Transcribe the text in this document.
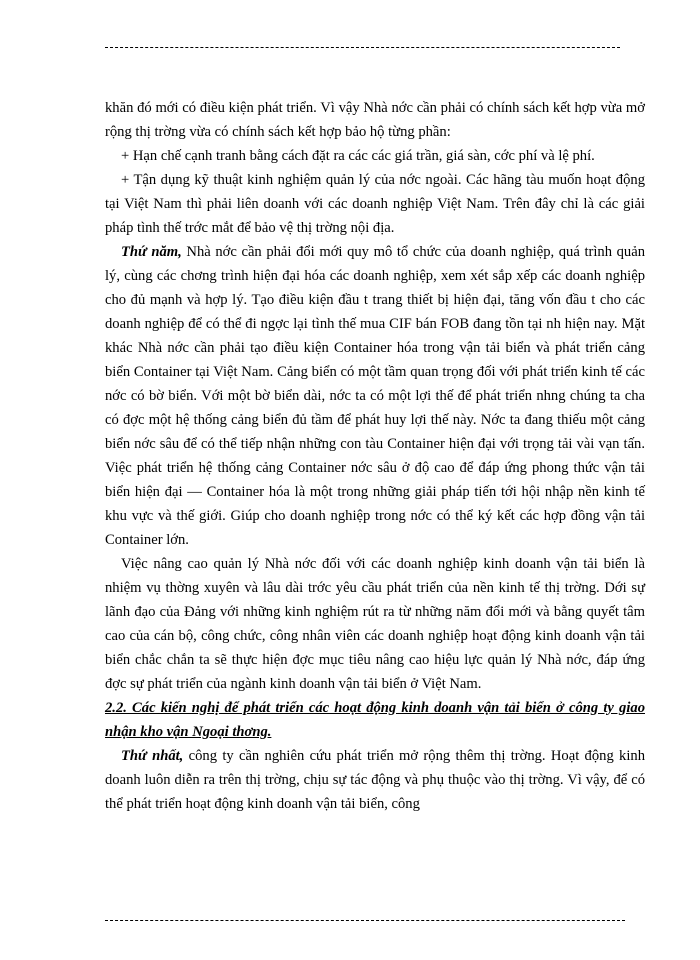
khăn đó mới có điều kiện phát triển. Vì vậy Nhà nớc cần phải có chính sách kết hợp vừa mở rộng thị trờng vừa có chính sách kết hợp bảo hộ từng phần:

+ Hạn chế cạnh tranh bằng cách đặt ra các các giá trần, giá sàn, cớc phí và lệ phí.

+ Tận dụng kỹ thuật kinh nghiệm quản lý của nớc ngoài. Các hãng tàu muốn hoạt động tại Việt Nam thì phải liên doanh với các doanh nghiệp Việt Nam. Trên đây chỉ là các giải pháp tình thế trớc mắt để bảo vệ thị trờng nội địa.

Thứ năm, Nhà nớc cần phải đổi mới quy mô tổ chức của doanh nghiệp, quá trình quản lý, cùng các chơng trình hiện đại hóa các doanh nghiệp, xem xét sắp xếp các doanh nghiệp cho đủ mạnh và hợp lý. Tạo điều kiện đầu t trang thiết bị hiện đại, tăng vốn đầu t cho các doanh nghiệp để có thể đi ngợc lại tình thế mua CIF bán FOB đang tồn tại nh hiện nay. Mặt khác Nhà nớc cần phải tạo điều kiện Container hóa trong vận tải biển và phát triển cảng biển Container tại Việt Nam. Cảng biển có một tầm quan trọng đối với phát triển kinh tế các nớc có bờ biển. Với một bờ biển dài, nớc ta có một lợi thế để phát triển nhng chúng ta cha có đợc một hệ thống cảng biển đủ tầm để phát huy lợi thế này. Nớc ta đang thiếu một cảng biển nớc sâu để có thể tiếp nhận những con tàu Container hiện đại với trọng tải vài vạn tấn. Việc phát triển hệ thống cảng Container nớc sâu ở độ cao để đáp ứng phong thức vận tải biển hiện đại — Container hóa là một trong những giải pháp tiến tới hội nhập nền kinh tế khu vực và thế giới. Giúp cho doanh nghiệp trong nớc có thể ký kết các hợp đồng vận tải Container lớn.

Việc nâng cao quản lý Nhà nớc đối với các doanh nghiệp kinh doanh vận tải biển là nhiệm vụ thờng xuyên và lâu dài trớc yêu cầu phát triển của nền kinh tế thị trờng. Dới sự lãnh đạo của Đảng với những kinh nghiệm rút ra từ những năm đổi mới và bằng quyết tâm cao của cán bộ, công chức, công nhân viên các doanh nghiệp hoạt động kinh doanh vận tải biển chắc chắn ta sẽ thực hiện đợc mục tiêu nâng cao hiệu lực quản lý Nhà nớc, đáp ứng đợc sự phát triển của ngành kinh doanh vận tải biển ở Việt Nam.

2.2. Các kiến nghị để phát triển các hoạt động kinh doanh vận tải biển ở công ty giao nhận kho vận Ngoại thơng.

Thứ nhất, công ty cần nghiên cứu phát triển mở rộng thêm thị trờng. Hoạt động kinh doanh luôn diễn ra trên thị trờng, chịu sự tác động và phụ thuộc vào thị trờng. Vì vậy, để có thể phát triển hoạt động kinh doanh vận tải biển, công
